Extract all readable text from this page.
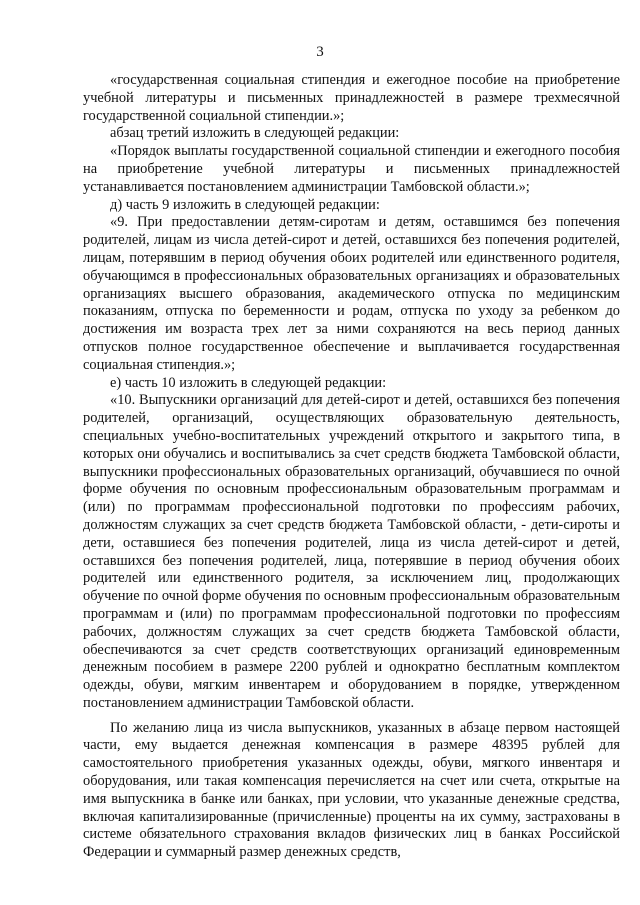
3

«государственная социальная стипендия и ежегодное пособие на приобретение учебной литературы и письменных принадлежностей в размере трехмесячной государственной социальной стипендии.»;

абзац третий изложить в следующей редакции:

«Порядок выплаты государственной социальной стипендии и ежегодного пособия на приобретение учебной литературы и письменных принадлежностей устанавливается постановлением администрации Тамбовской области.»;

д) часть 9 изложить в следующей редакции:

«9. При предоставлении детям-сиротам и детям, оставшимся без попечения родителей, лицам из числа детей-сирот и детей, оставшихся без попечения родителей, лицам, потерявшим в период обучения обоих родителей или единственного родителя, обучающимся в профессиональных образовательных организациях и образовательных организациях высшего образования, академического отпуска по медицинским показаниям, отпуска по беременности и родам, отпуска по уходу за ребенком до достижения им возраста трех лет за ними сохраняются на весь период данных отпусков полное государственное обеспечение и выплачивается государственная социальная стипендия.»;

е) часть 10 изложить в следующей редакции:

«10. Выпускники организаций для детей-сирот и детей, оставшихся без попечения родителей, организаций, осуществляющих образовательную деятельность, специальных учебно-воспитательных учреждений открытого и закрытого типа, в которых они обучались и воспитывались за счет средств бюджета Тамбовской области, выпускники профессиональных образовательных организаций, обучавшиеся по очной форме обучения по основным профессиональным образовательным программам и (или) по программам профессиональной подготовки по профессиям рабочих, должностям служащих за счет средств бюджета Тамбовской области, - дети-сироты и дети, оставшиеся без попечения родителей, лица из числа детей-сирот и детей, оставшихся без попечения родителей, лица, потерявшие в период обучения обоих родителей или единственного родителя, за исключением лиц, продолжающих обучение по очной форме обучения по основным профессиональным образовательным программам и (или) по программам профессиональной подготовки по профессиям рабочих, должностям служащих за счет средств бюджета Тамбовской области, обеспечиваются за счет средств соответствующих организаций единовременным денежным пособием в размере 2200 рублей и однократно бесплатным комплектом одежды, обуви, мягким инвентарем и оборудованием в порядке, утвержденном постановлением администрации Тамбовской области.

По желанию лица из числа выпускников, указанных в абзаце первом настоящей части, ему выдается денежная компенсация в размере 48395 рублей для самостоятельного приобретения указанных одежды, обуви, мягкого инвентаря и оборудования, или такая компенсация перечисляется на счет или счета, открытые на имя выпускника в банке или банках, при условии, что указанные денежные средства, включая капитализированные (причисленные) проценты на их сумму, застрахованы в системе обязательного страхования вкладов физических лиц в банках Российской Федерации и суммарный размер денежных средств,
